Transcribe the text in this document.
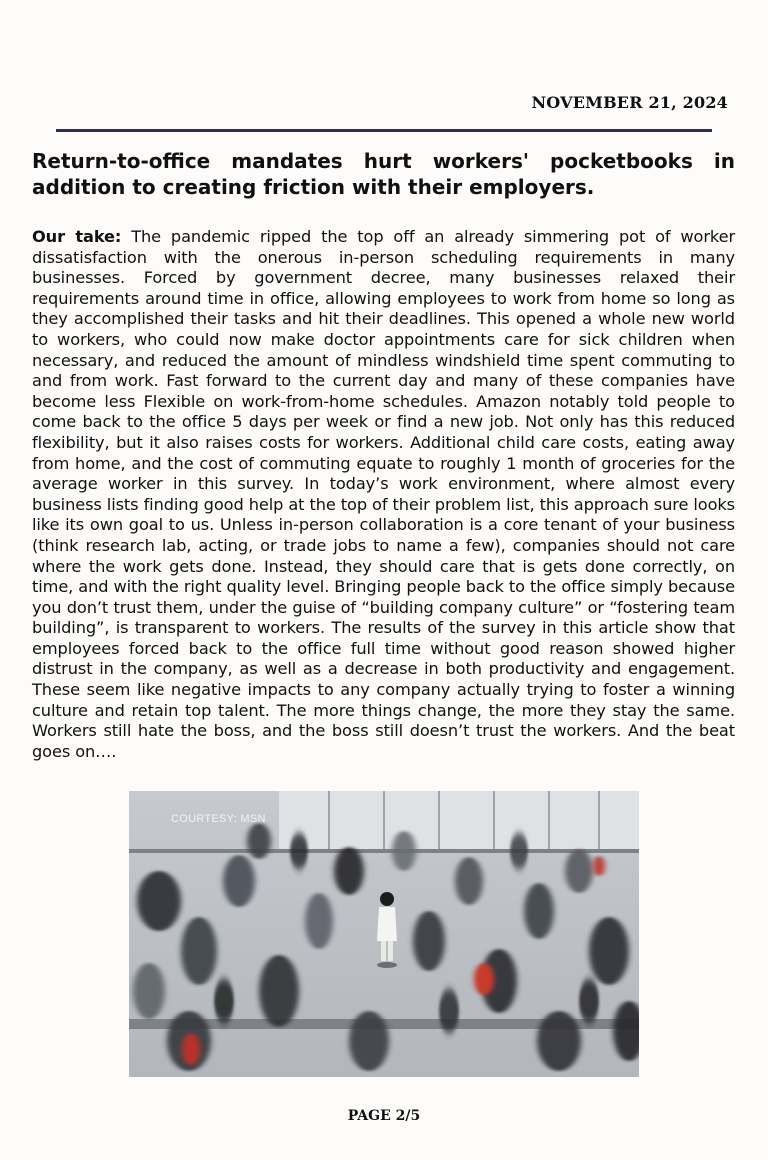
NOVEMBER 21, 2024
Return-to-office mandates hurt workers' pocketbooks in addition to creating friction with their employers.

Our take: The pandemic ripped the top off an already simmering pot of worker dissatisfaction with the onerous in-person scheduling requirements in many businesses. Forced by government decree, many businesses relaxed their requirements around time in office, allowing employees to work from home so long as they accomplished their tasks and hit their deadlines. This opened a whole new world to workers, who could now make doctor appointments care for sick children when necessary, and reduced the amount of mindless windshield time spent commuting to and from work. Fast forward to the current day and many of these companies have become less Flexible on work-from-home schedules. Amazon notably told people to come back to the office 5 days per week or find a new job. Not only has this reduced flexibility, but it also raises costs for workers. Additional child care costs, eating away from home, and the cost of commuting equate to roughly 1 month of groceries for the average worker in this survey. In today’s work environment, where almost every business lists finding good help at the top of their problem list, this approach sure looks like its own goal to us. Unless in-person collaboration is a core tenant of your business (think research lab, acting, or trade jobs to name a few), companies should not care where the work gets done. Instead, they should care that is gets done correctly, on time, and with the right quality level. Bringing people back to the office simply because you don’t trust them, under the guise of “building company culture” or “fostering team building”, is transparent to workers. The results of the survey in this article show that employees forced back to the office full time without good reason showed higher distrust in the company, as well as a decrease in both productivity and engagement. These seem like negative impacts to any company actually trying to foster a winning culture and retain top talent. The more things change, the more they stay the same. Workers still hate the boss, and the boss still doesn’t trust the workers. And the beat goes on….

COURTESY: MSN
PAGE 2/5
